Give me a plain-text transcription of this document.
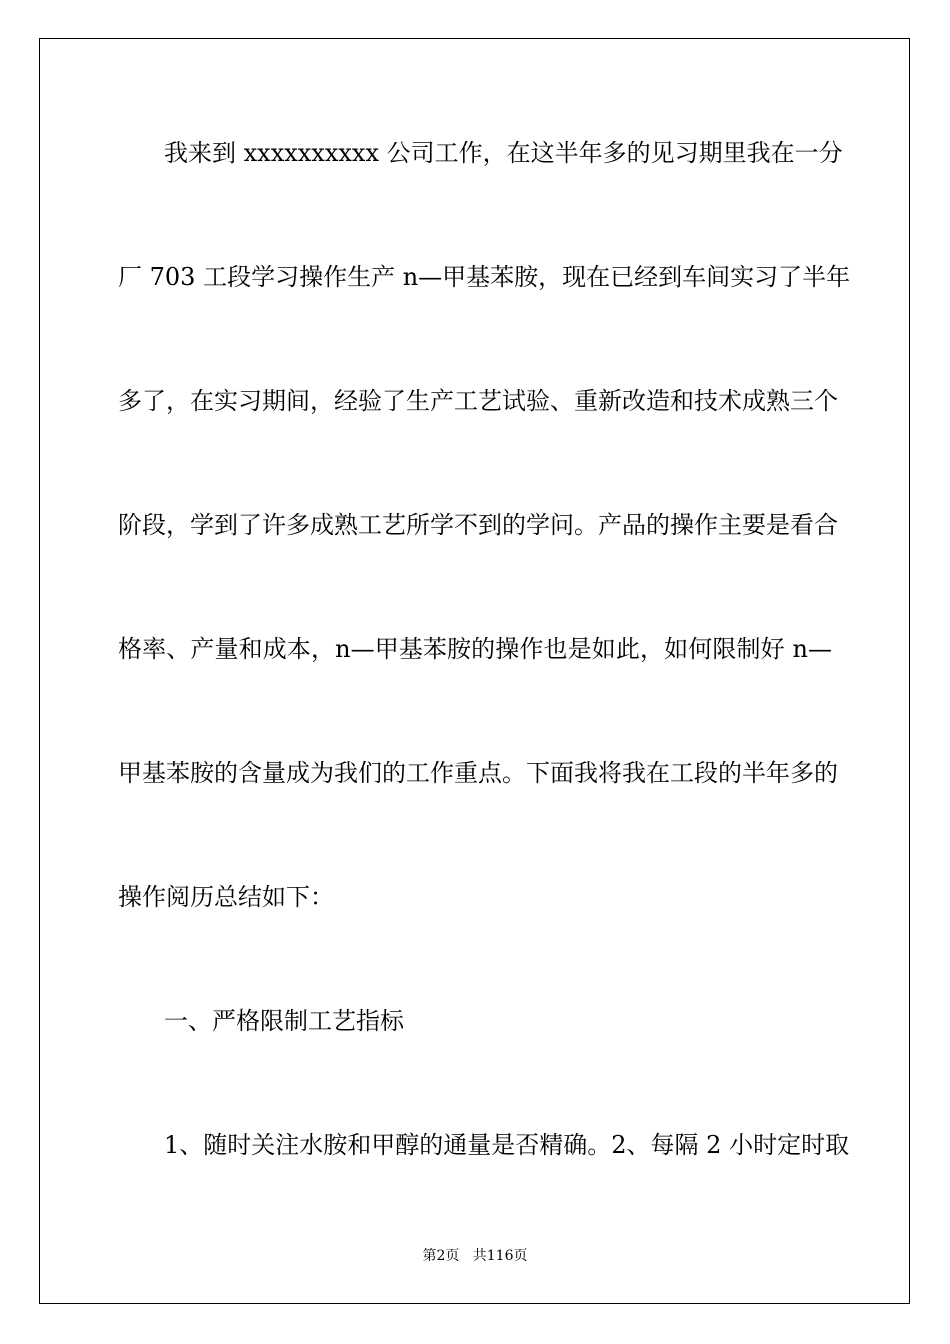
我来到 xxxxxxxxxx 公司工作，在这半年多的见习期里我在一分
厂 703 工段学习操作生产 n—甲基苯胺，现在已经到车间实习了半年
多了，在实习期间，经验了生产工艺试验、重新改造和技术成熟三个
阶段，学到了许多成熟工艺所学不到的学问。产品的操作主要是看合
格率、产量和成本，n—甲基苯胺的操作也是如此，如何限制好 n—
甲基苯胺的含量成为我们的工作重点。下面我将我在工段的半年多的
操作阅历总结如下：
一、严格限制工艺指标
1、随时关注水胺和甲醇的通量是否精确。2、每隔 2 小时定时取
第2页   共116页
